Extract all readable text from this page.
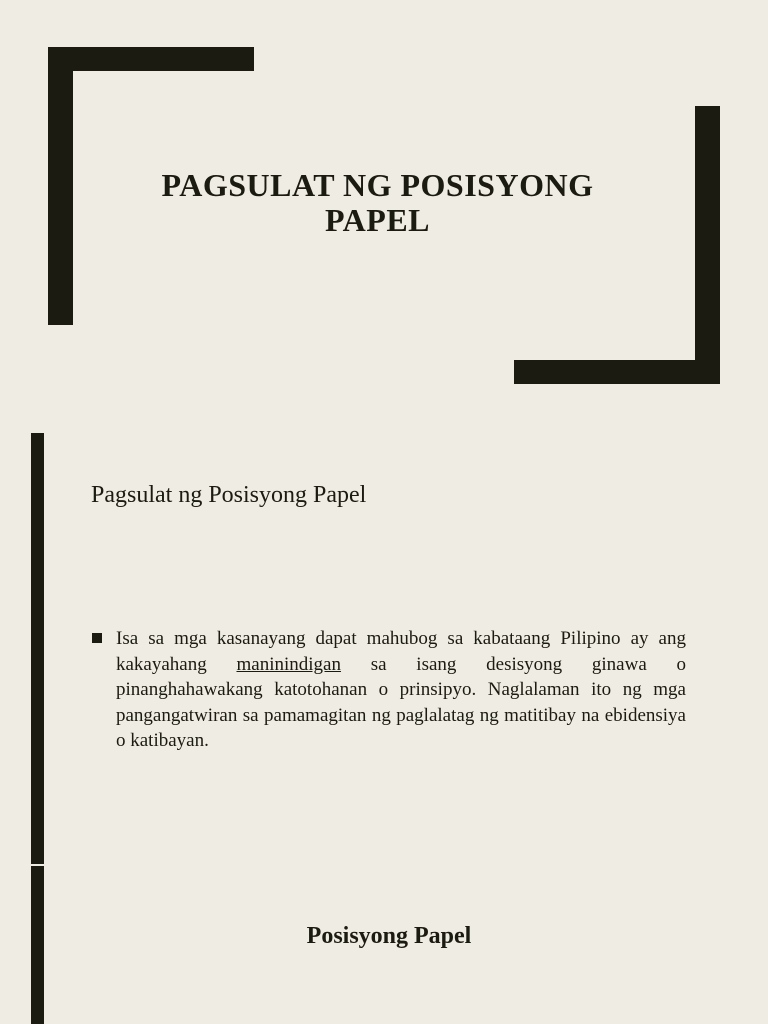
PAGSULAT NG POSISYONG
PAPEL
Pagsulat ng Posisyong Papel

Isa sa mga kasanayang dapat mahubog sa kabataang Pilipino ay ang kakayahang maninindigan sa isang desisyong ginawa o pinanghahawakang katotohanan o prinsipyo. Naglalaman ito ng mga pangangatwiran sa pamamagitan ng paglalatag ng matitibay na ebidensiya o katibayan.

Posisyong Papel
